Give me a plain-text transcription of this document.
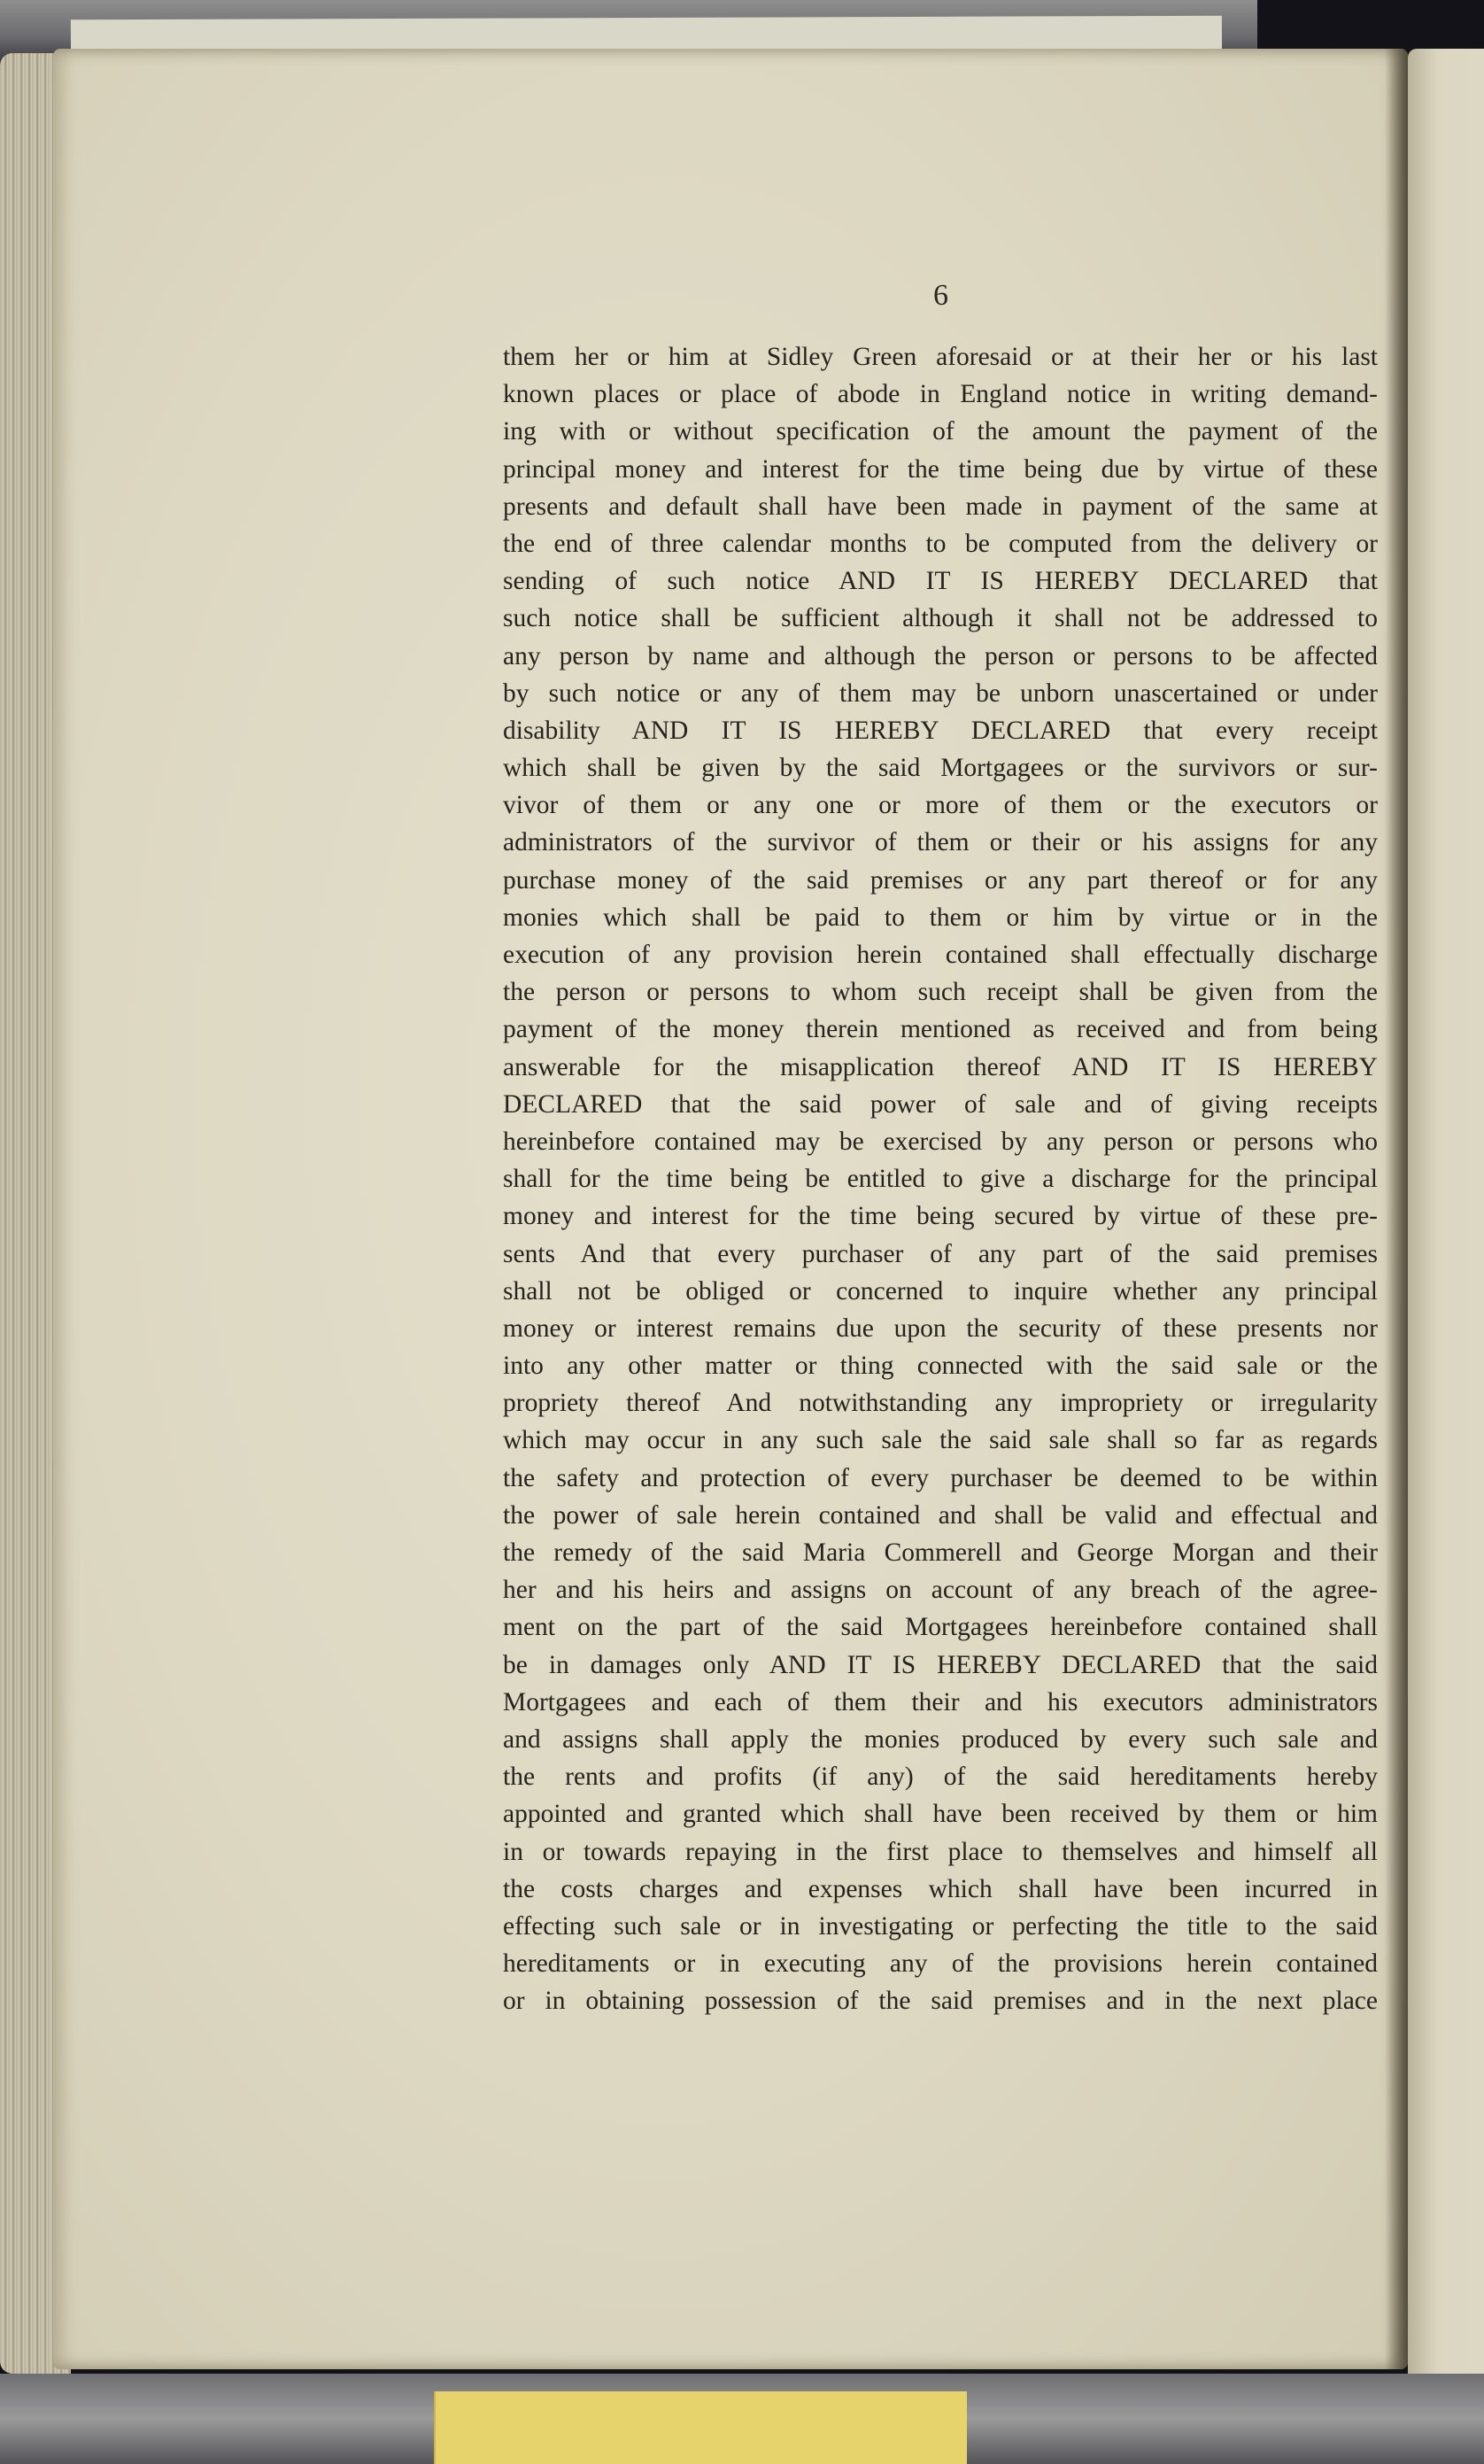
6

them her or him at Sidley Green aforesaid or at their her or his last
known places or place of abode in England notice in writing demand-
ing with or without specification of the amount the payment of the
principal money and interest for the time being due by virtue of these
presents and default shall have been made in payment of the same at
the end of three calendar months to be computed from the delivery or
sending of such notice AND IT IS HEREBY DECLARED that
such notice shall be sufficient although it shall not be addressed to
any person by name and although the person or persons to be affected
by such notice or any of them may be unborn unascertained or under
disability AND IT IS HEREBY DECLARED that every receipt
which shall be given by the said Mortgagees or the survivors or sur-
vivor of them or any one or more of them or the executors or
administrators of the survivor of them or their or his assigns for any
purchase money of the said premises or any part thereof or for any
monies which shall be paid to them or him by virtue or in the
execution of any provision herein contained shall effectually discharge
the person or persons to whom such receipt shall be given from the
payment of the money therein mentioned as received and from being
answerable for the misapplication thereof AND IT IS HEREBY
DECLARED that the said power of sale and of giving receipts
hereinbefore contained may be exercised by any person or persons who
shall for the time being be entitled to give a discharge for the principal
money and interest for the time being secured by virtue of these pre-
sents And that every purchaser of any part of the said premises
shall not be obliged or concerned to inquire whether any principal
money or interest remains due upon the security of these presents nor
into any other matter or thing connected with the said sale or the
propriety thereof And notwithstanding any impropriety or irregularity
which may occur in any such sale the said sale shall so far as regards
the safety and protection of every purchaser be deemed to be within
the power of sale herein contained and shall be valid and effectual and
the remedy of the said Maria Commerell and George Morgan and their
her and his heirs and assigns on account of any breach of the agree-
ment on the part of the said Mortgagees hereinbefore contained shall
be in damages only AND IT IS HEREBY DECLARED that the said
Mortgagees and each of them their and his executors administrators
and assigns shall apply the monies produced by every such sale and
the rents and profits (if any) of the said hereditaments hereby
appointed and granted which shall have been received by them or him
in or towards repaying in the first place to themselves and himself all
the costs charges and expenses which shall have been incurred in
effecting such sale or in investigating or perfecting the title to the said
hereditaments or in executing any of the provisions herein contained
or in obtaining possession of the said premises and in the next place
